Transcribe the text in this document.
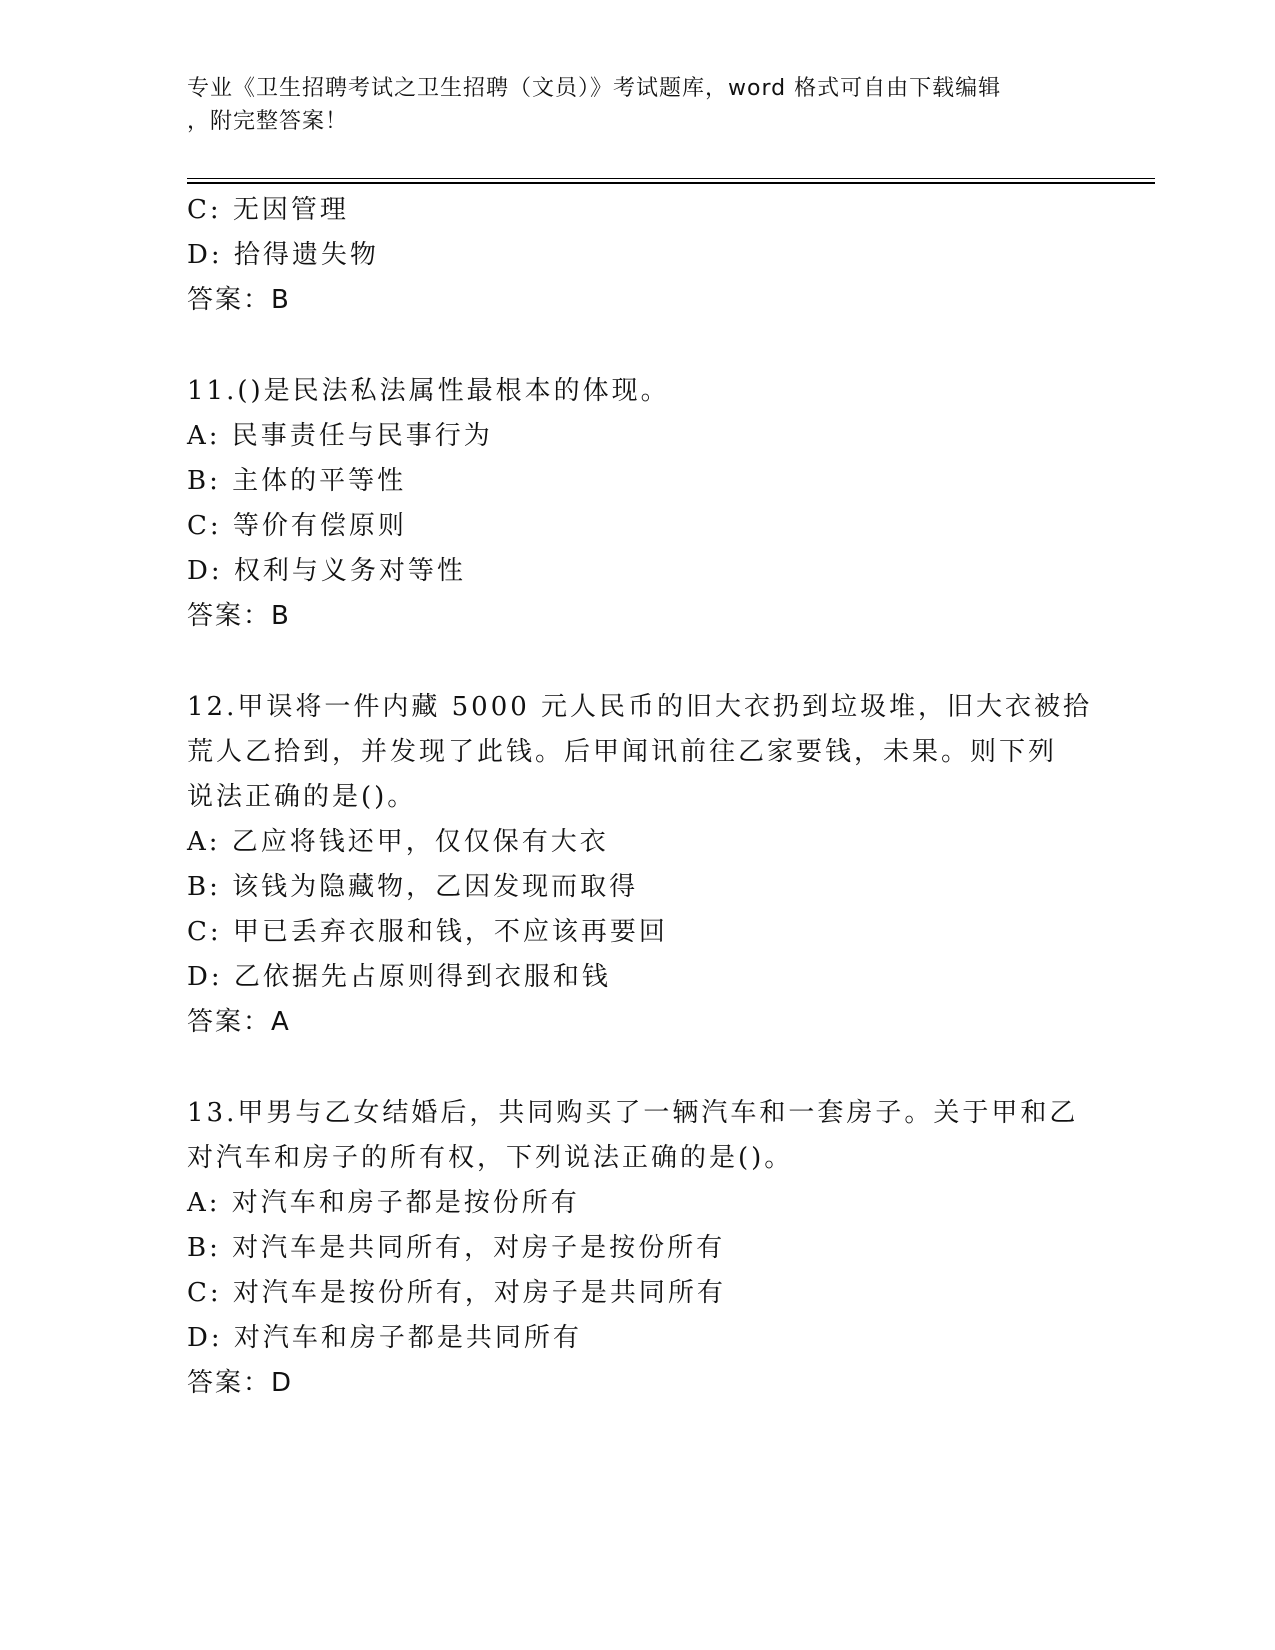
专业《卫生招聘考试之卫生招聘（文员）》考试题库，word 格式可自由下载编辑
，附完整答案！
C: 无因管理
D: 拾得遗失物
答案：B
11.()是民法私法属性最根本的体现。
A: 民事责任与民事行为
B: 主体的平等性
C: 等价有偿原则
D: 权利与义务对等性
答案：B
12.甲误将一件内藏 5000 元人民币的旧大衣扔到垃圾堆，旧大衣被拾
荒人乙拾到，并发现了此钱。后甲闻讯前往乙家要钱，未果。则下列
说法正确的是()。
A: 乙应将钱还甲，仅仅保有大衣
B: 该钱为隐藏物，乙因发现而取得
C: 甲已丢弃衣服和钱，不应该再要回
D: 乙依据先占原则得到衣服和钱
答案：A
13.甲男与乙女结婚后，共同购买了一辆汽车和一套房子。关于甲和乙
对汽车和房子的所有权，下列说法正确的是()。
A: 对汽车和房子都是按份所有
B: 对汽车是共同所有，对房子是按份所有
C: 对汽车是按份所有，对房子是共同所有
D: 对汽车和房子都是共同所有
答案：D
